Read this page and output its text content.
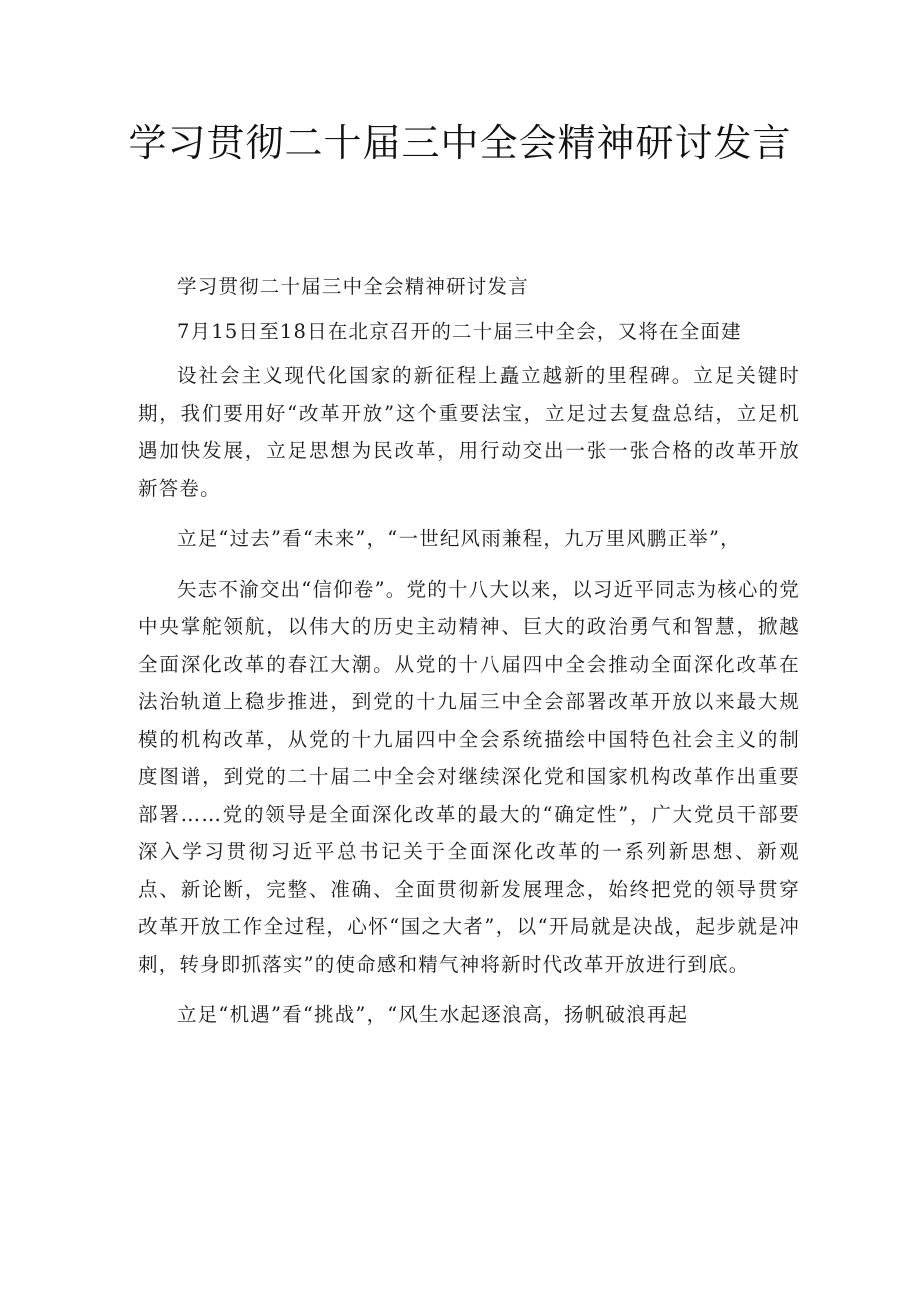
学习贯彻二十届三中全会精神研讨发言

学习贯彻二十届三中全会精神研讨发言

7月15日至18日在北京召开的二十届三中全会，又将在全面建

设社会主义现代化国家的新征程上矗立越新的里程碑。立足关键时期，我们要用好“改革开放”这个重要法宝，立足过去复盘总结，立足机遇加快发展，立足思想为民改革，用行动交出一张一张合格的改革开放新答卷。

立足“过去”看“未来”，“一世纪风雨兼程，九万里风鹏正举”，

矢志不渝交出“信仰卷”。党的十八大以来，以习近平同志为核心的党中央掌舵领航，以伟大的历史主动精神、巨大的政治勇气和智慧，掀越全面深化改革的春江大潮。从党的十八届四中全会推动全面深化改革在法治轨道上稳步推进，到党的十九届三中全会部署改革开放以来最大规模的机构改革，从党的十九届四中全会系统描绘中国特色社会主义的制度图谱，到党的二十届二中全会对继续深化党和国家机构改革作出重要部署……党的领导是全面深化改革的最大的“确定性”，广大党员干部要深入学习贯彻习近平总书记关于全面深化改革的一系列新思想、新观点、新论断，完整、准确、全面贯彻新发展理念，始终把党的领导贯穿改革开放工作全过程，心怀“国之大者”，以“开局就是决战，起步就是冲刺，转身即抓落实”的使命感和精气神将新时代改革开放进行到底。

立足“机遇”看“挑战”，“风生水起逐浪高，扬帆破浪再起
